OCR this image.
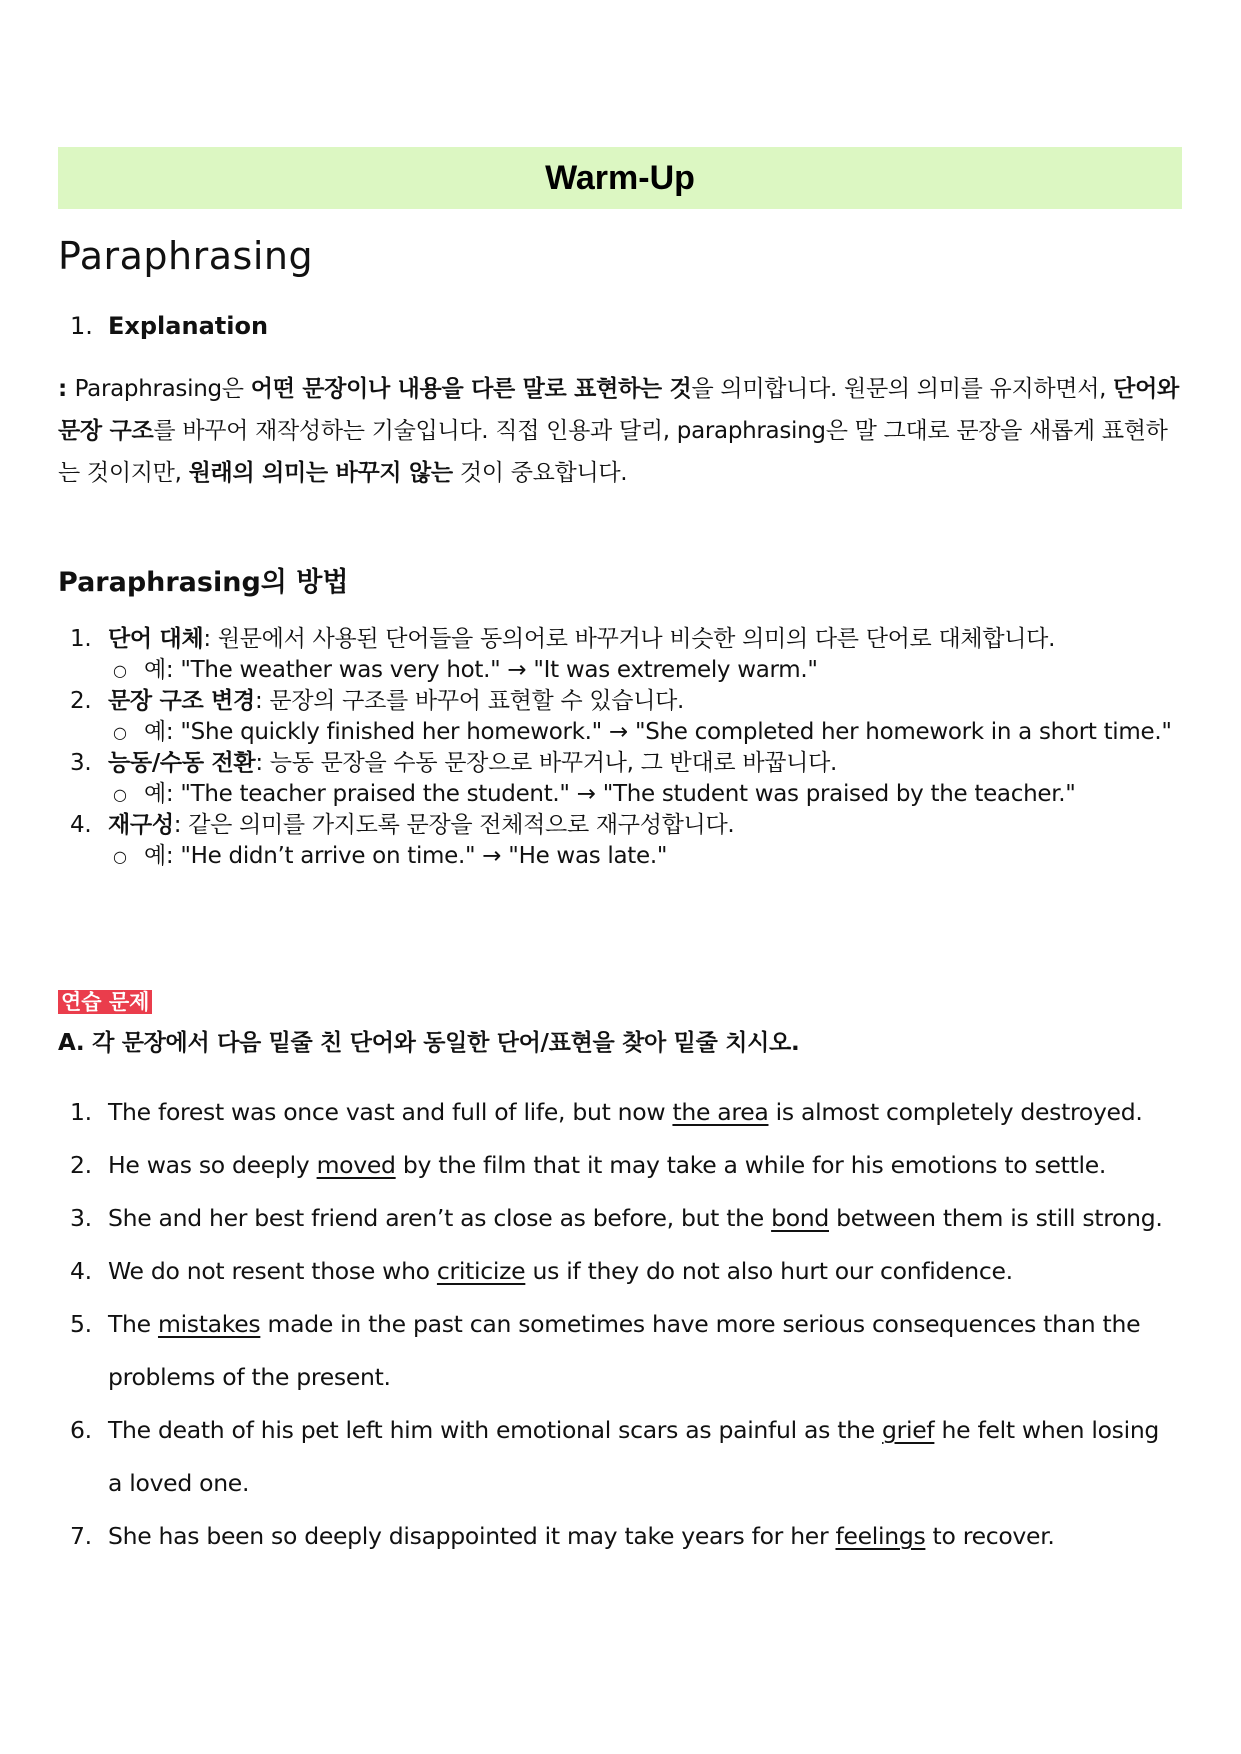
Warm-Up
Paraphrasing
1. Explanation

: Paraphrasing은 어떤 문장이나 내용을 다른 말로 표현하는 것을 의미합니다. 원문의 의미를 유지하면서, 단어와 문장 구조를 바꾸어 재작성하는 기술입니다. 직접 인용과 달리, paraphrasing은 말 그대로 문장을 새롭게 표현하는 것이지만, 원래의 의미는 바꾸지 않는 것이 중요합니다.

Paraphrasing의 방법
1. 단어 대체: 원문에서 사용된 단어들을 동의어로 바꾸거나 비슷한 의미의 다른 단어로 대체합니다.
○ 예: "The weather was very hot." → "It was extremely warm."
2. 문장 구조 변경: 문장의 구조를 바꾸어 표현할 수 있습니다.
○ 예: "She quickly finished her homework." → "She completed her homework in a short time."
3. 능동/수동 전환: 능동 문장을 수동 문장으로 바꾸거나, 그 반대로 바꿉니다.
○ 예: "The teacher praised the student." → "The student was praised by the teacher."
4. 재구성: 같은 의미를 가지도록 문장을 전체적으로 재구성합니다.
○ 예: "He didn’t arrive on time." → "He was late."
연습 문제
A. 각 문장에서 다음 밑줄 친 단어와 동일한 단어/표현을 찾아 밑줄 치시오.
1. The forest was once vast and full of life, but now the area is almost completely destroyed.
2. He was so deeply moved by the film that it may take a while for his emotions to settle.
3. She and her best friend aren’t as close as before, but the bond between them is still strong.
4. We do not resent those who criticize us if they do not also hurt our confidence.
5. The mistakes made in the past can sometimes have more serious consequences than the problems of the present.
6. The death of his pet left him with emotional scars as painful as the grief he felt when losing a loved one.
7. She has been so deeply disappointed it may take years for her feelings to recover.
